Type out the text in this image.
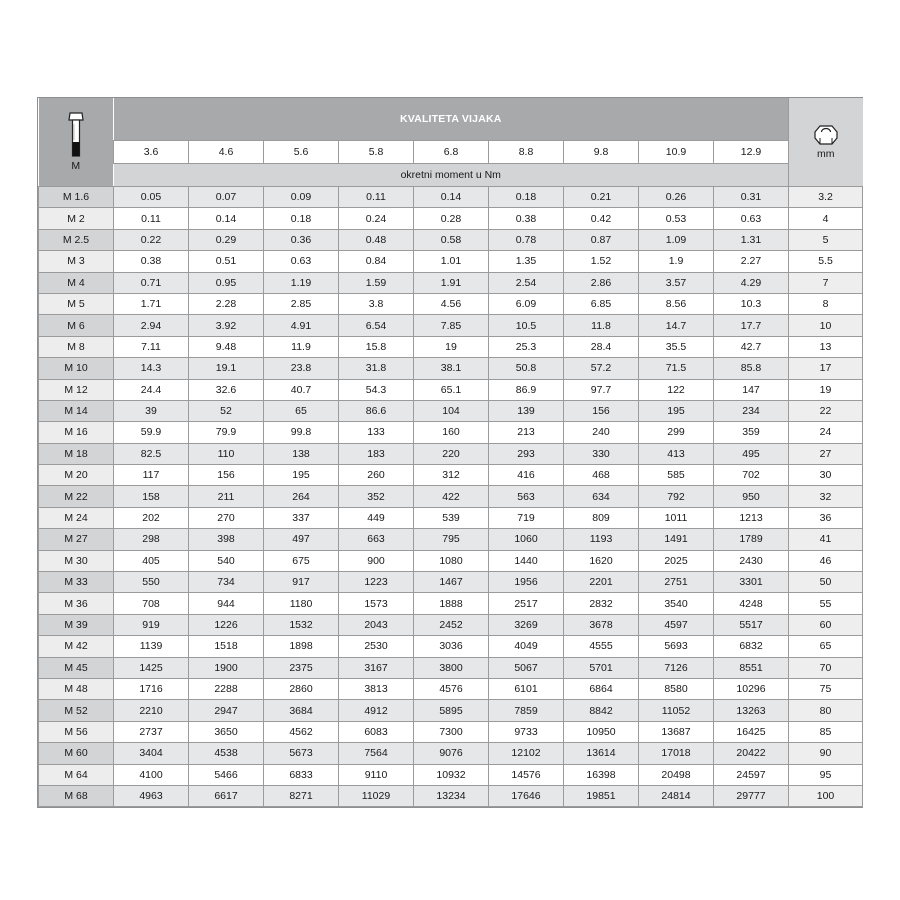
M	KVALITETA VIJAKA									mm

	3.6	4.6	5.6	5.8	6.8	8.8	9.8	10.9	12.9	
	okretni moment u Nm									
M 1.6	0.05	0.07	0.09	0.11	0.14	0.18	0.21	0.26	0.31	3.2
M 2	0.11	0.14	0.18	0.24	0.28	0.38	0.42	0.53	0.63	4
M 2.5	0.22	0.29	0.36	0.48	0.58	0.78	0.87	1.09	1.31	5
M 3	0.38	0.51	0.63	0.84	1.01	1.35	1.52	1.9	2.27	5.5
M 4	0.71	0.95	1.19	1.59	1.91	2.54	2.86	3.57	4.29	7
M 5	1.71	2.28	2.85	3.8	4.56	6.09	6.85	8.56	10.3	8
M 6	2.94	3.92	4.91	6.54	7.85	10.5	11.8	14.7	17.7	10
M 8	7.11	9.48	11.9	15.8	19	25.3	28.4	35.5	42.7	13
M 10	14.3	19.1	23.8	31.8	38.1	50.8	57.2	71.5	85.8	17
M 12	24.4	32.6	40.7	54.3	65.1	86.9	97.7	122	147	19
M 14	39	52	65	86.6	104	139	156	195	234	22
M 16	59.9	79.9	99.8	133	160	213	240	299	359	24
M 18	82.5	110	138	183	220	293	330	413	495	27
M 20	117	156	195	260	312	416	468	585	702	30
M 22	158	211	264	352	422	563	634	792	950	32
M 24	202	270	337	449	539	719	809	1011	1213	36
M 27	298	398	497	663	795	1060	1193	1491	1789	41
M 30	405	540	675	900	1080	1440	1620	2025	2430	46
M 33	550	734	917	1223	1467	1956	2201	2751	3301	50
M 36	708	944	1180	1573	1888	2517	2832	3540	4248	55
M 39	919	1226	1532	2043	2452	3269	3678	4597	5517	60
M 42	1139	1518	1898	2530	3036	4049	4555	5693	6832	65
M 45	1425	1900	2375	3167	3800	5067	5701	7126	8551	70
M 48	1716	2288	2860	3813	4576	6101	6864	8580	10296	75
M 52	2210	2947	3684	4912	5895	7859	8842	11052	13263	80
M 56	2737	3650	4562	6083	7300	9733	10950	13687	16425	85
M 60	3404	4538	5673	7564	9076	12102	13614	17018	20422	90
M 64	4100	5466	6833	9110	10932	14576	16398	20498	24597	95
M 68	4963	6617	8271	11029	13234	17646	19851	24814	29777	100
